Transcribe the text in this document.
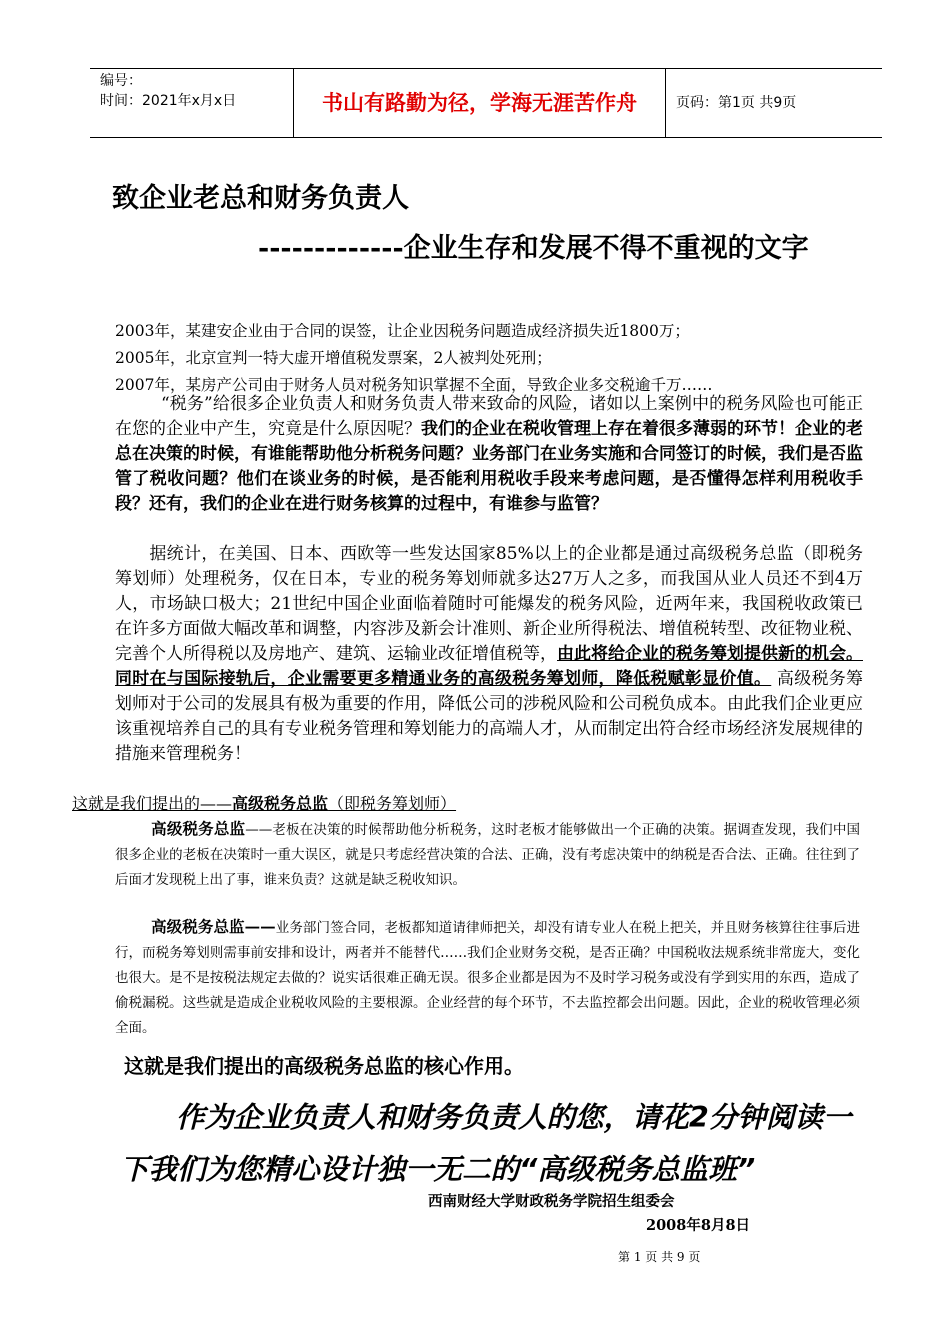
编号：
时间：2021年x月x日	书山有路勤为径，学海无涯苦作舟	页码：第1页 共9页
致企业老总和财务负责人
-------------企业生存和发展不得不重视的文字
2003年，某建安企业由于合同的误签，让企业因税务问题造成经济损失近1800万；
2005年，北京宣判一特大虚开增值税发票案，2人被判处死刑；
2007年，某房产公司由于财务人员对税务知识掌握不全面，导致企业多交税逾千万……
“税务”给很多企业负责人和财务负责人带来致命的风险，诸如以上案例中的税务风险也可能正在您的企业中产生，究竟是什么原因呢？我们的企业在税收管理上存在着很多薄弱的环节！企业的老总在决策的时候，有谁能帮助他分析税务问题？业务部门在业务实施和合同签订的时候，我们是否监管了税收问题？他们在谈业务的时候，是否能利用税收手段来考虑问题，是否懂得怎样利用税收手段？还有，我们的企业在进行财务核算的过程中，有谁参与监管？
据统计，在美国、日本、西欧等一些发达国家85%以上的企业都是通过高级税务总监（即税务筹划师）处理税务，仅在日本，专业的税务筹划师就多达27万人之多，而我国从业人员还不到4万人，市场缺口极大；21世纪中国企业面临着随时可能爆发的税务风险，近两年来，我国税收政策已在许多方面做大幅改革和调整，内容涉及新会计准则、新企业所得税法、增值税转型、改征物业税、完善个人所得税以及房地产、建筑、运输业改征增值税等，由此将给企业的税务筹划提供新的机会。同时在与国际接轨后，企业需要更多精通业务的高级税务筹划师，降低税赋彰显价值。 高级税务筹划师对于公司的发展具有极为重要的作用，降低公司的涉税风险和公司税负成本。由此我们企业更应该重视培养自己的具有专业税务管理和筹划能力的高端人才，从而制定出符合经市场经济发展规律的措施来管理税务！
这就是我们提出的——高级税务总监（即税务筹划师）
高级税务总监——老板在决策的时候帮助他分析税务，这时老板才能够做出一个正确的决策。据调查发现，我们中国很多企业的老板在决策时一重大误区，就是只考虑经营决策的合法、正确，没有考虑决策中的纳税是否合法、正确。往往到了后面才发现税上出了事，谁来负责？这就是缺乏税收知识。
高级税务总监——业务部门签合同，老板都知道请律师把关，却没有请专业人在税上把关，并且财务核算往往事后进行，而税务筹划则需事前安排和设计，两者并不能替代……我们企业财务交税，是否正确？中国税收法规系统非常庞大，变化也很大。是不是按税法规定去做的？说实话很难正确无误。很多企业都是因为不及时学习税务或没有学到实用的东西，造成了偷税漏税。这些就是造成企业税收风险的主要根源。企业经营的每个环节，不去监控都会出问题。因此，企业的税收管理必须全面。
这就是我们提出的高级税务总监的核心作用。
作为企业负责人和财务负责人的您，请花2分钟阅读一下我们为您精心设计独一无二的“高级税务总监班”
西南财经大学财政税务学院招生组委会
2008年8月8日
第 1 页 共 9 页
